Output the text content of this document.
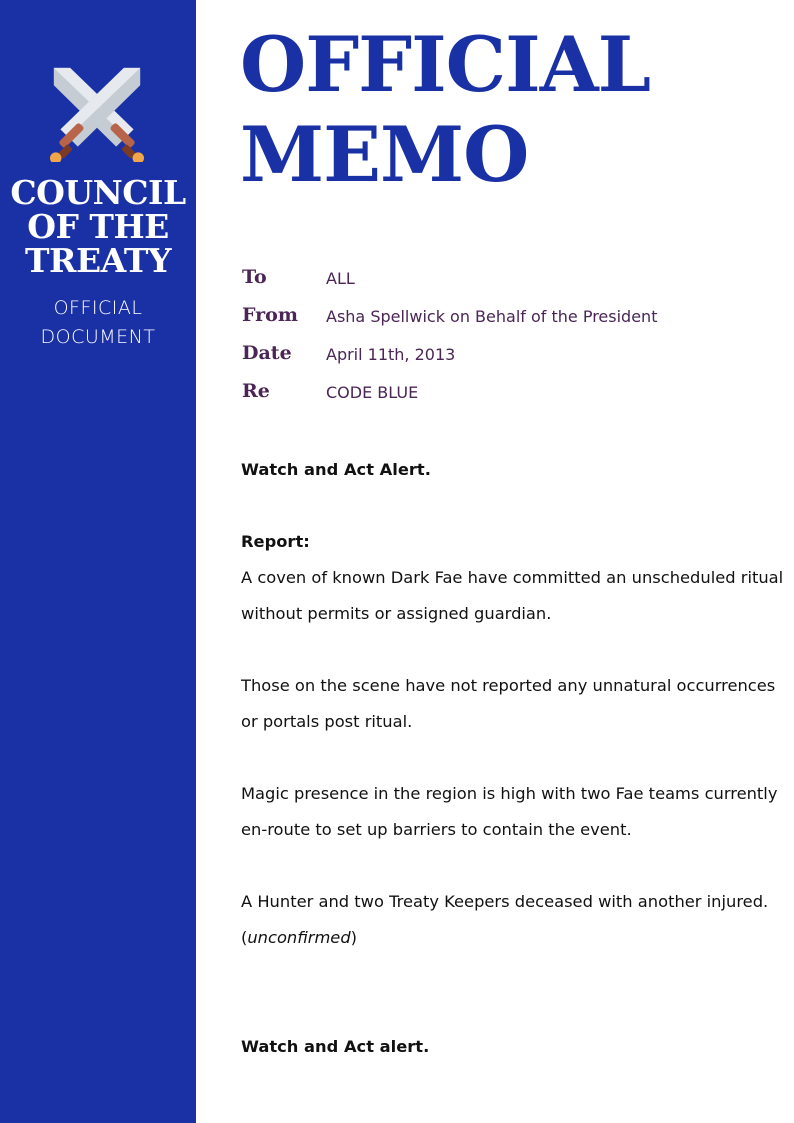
COUNCIL
OF THE
TREATY
OFFICIAL
DOCUMENT
OFFICIAL
MEMO
To	ALL
From Asha Spellwick on Behalf of the President
Date April 11th, 2013
Re	CODE BLUE

Watch and Act Alert.

Report:

A coven of known Dark Fae have committed an unscheduled ritual without permits or assigned guardian.

Those on the scene have not reported any unnatural occurrences or portals post ritual.

Magic presence in the region is high with two Fae teams currently en-route to set up barriers to contain the event.

A Hunter and two Treaty Keepers deceased with another injured.

(unconfirmed)

Watch and Act alert.
